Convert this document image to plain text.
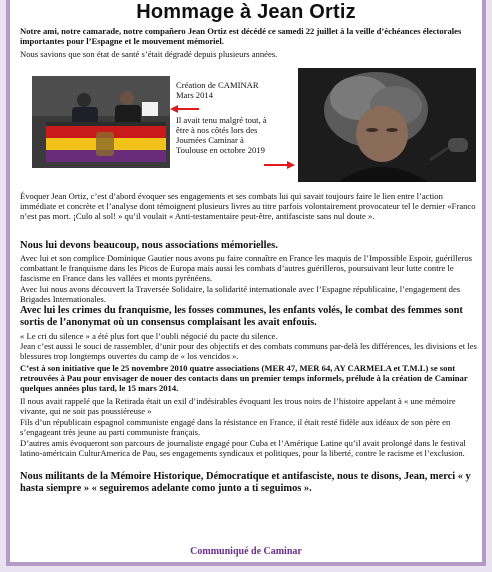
Hommage à Jean Ortiz
Notre ami, notre camarade, notre compañero Jean Ortiz est décédé ce samedi 22 juillet à la veille d’échéances électorales importantes pour l’Espagne et le mouvement mémoriel.
Nous savions que son état de santé s’était dégradé depuis plusieurs années.
Création de CAMINAR
Mars 2014
Il avait tenu malgré tout, à
être à nos côtés lors des
Journées Caminar à
Toulouse en octobre 2019
Évoquer Jean Ortiz, c’est d’abord évoquer ses engagements et ses combats lui qui savait toujours faire le lien entre l’action immédiate et concrète et l’analyse dont témoignent plusieurs livres au titre parfois volontairement provocateur tel le dernier «Franco n’est pas mort. ¡Culo al sol! » qu’il voulait « Anti-testamentaire peut-être, antifasciste sans nul doute ».
Nous lui devons beaucoup, nous associations mémorielles.
Avec lui et son complice Dominique Gautier nous avons pu faire connaître en France les maquis de l’Impossible Espoir, guérilleros combattant le franquisme dans les Picos de Europa mais aussi les combats d’autres guérilleros, poursuivant leur lutte contre le fascisme en France dans les vallées et monts pyrénéens.
Avec lui nous avons découvert la Traversée Solidaire, la solidarité internationale avec l’Espagne républicaine, l’engagement des Brigades Internationales.
Avec lui les crimes du franquisme, les fosses communes, les enfants volés, le combat des femmes sont sortis de l’anonymat où un consensus complaisant les avait enfouis.
« Le cri du silence » a été plus fort que l’oubli négocié du pacte du silence.
Jean c’est aussi le souci de rassembler, d’unir pour des objectifs et des combats communs par-delà les différences, les divisions et les blessures trop longtemps ouvertes du camp de « los vencidos ».
C’est à son initiative que le 25 novembre 2010 quatre associations (MER 47, MER 64, AY CARMELA et T.M.L) se sont retrouvées à Pau pour envisager de nouer des contacts dans un premier temps informels, prélude à la création de Caminar quelques années plus tard, le 15 mars 2014.
Il nous avait rappelé que la Retirada était un exil d’indésirables évoquant les trous noirs de l’histoire appelant à « une mémoire vivante, qui ne soit pas poussiéreuse »
Fils d’un républicain espagnol communiste engagé dans la résistance en France, il était resté fidèle aux idéaux de son père en s’engageant très jeune au parti communiste français.
D’autres amis évoqueront son parcours de journaliste engagé pour Cuba et l’Amérique Latine qu’il avait prolongé dans le festival latino-américain CulturAmerica de Pau, ses engagements syndicaux et politiques, pour la liberté, contre le racisme et l’exclusion.
Nous militants de la Mémoire Historique, Démocratique et antifasciste, nous te disons, Jean, merci « y hasta siempre » « seguiremos adelante como junto a ti seguimos ».
Communiqué de Caminar
